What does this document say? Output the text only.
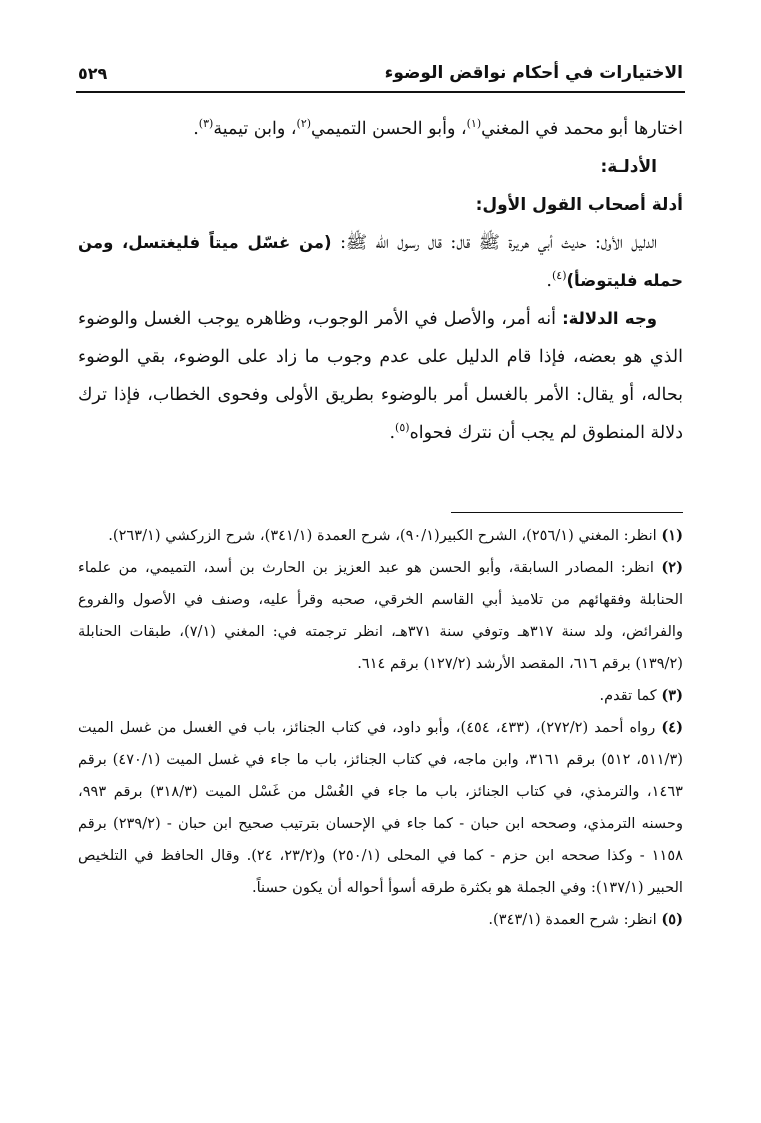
الاختيارات في أحكام نواقض الوضوء
٥٢٩

اختارها أبو محمد في المغني$^{(١)}$، وأبو الحسن التميمي$^{(٢)}$، وابن تيمية$^{(٣)}$.

الأدلـة:

أدلة أصحاب القول الأول:

الدليل الأول: حديث أبي هريرة ﷺ قال: قال رسول الله ﷺ: (من غسّل ميتاً فليغتسل، ومن حمله فليتوضأ)$^{(٤)}$.

وجه الدلالة: أنه أمر، والأصل في الأمر الوجوب، وظاهره يوجب الغسل والوضوء الذي هو بعضه، فإذا قام الدليل على عدم وجوب ما زاد على الوضوء، بقي الوضوء بحاله، أو يقال: الأمر بالغسل أمر بالوضوء بطريق الأولى وفحوى الخطاب، فإذا ترك دلالة المنطوق لم يجب أن نترك فحواه$^{(٥)}$.

(١) انظر: المغني (٢٥٦/١)، الشرح الكبير(٩٠/١)، شرح العمدة (٣٤١/١)، شرح الزركشي (٢٦٣/١).

(٢) انظر: المصادر السابقة، وأبو الحسن هو عبد العزيز بن الحارث بن أسد، التميمي، من علماء الحنابلة وفقهائهم من تلاميذ أبي القاسم الخرقي، صحبه وقرأ عليه، وصنف في الأصول والفروع والفرائض، ولد سنة ٣١٧هـ وتوفي سنة ٣٧١هـ، انظر ترجمته في: المغني (٧/١)، طبقات الحنابلة (١٣٩/٢) برقم ٦١٦، المقصد الأرشد (١٢٧/٢) برقم ٦١٤.

(٣) كما تقدم.

(٤) رواه أحمد (٢٧٢/٢)، (٤٣٣، ٤٥٤)، وأبو داود، في كتاب الجنائز، باب في الغسل من غسل الميت (٥١١/٣، ٥١٢) برقم ٣١٦١، وابن ماجه، في كتاب الجنائز، باب ما جاء في غسل الميت (٤٧٠/١) برقم ١٤٦٣، والترمذي، في كتاب الجنائز، باب ما جاء في الغُسْل من غَسْل الميت (٣١٨/٣) برقم ٩٩٣، وحسنه الترمذي، وصححه ابن حبان - كما جاء في الإحسان بترتيب صحيح ابن حبان - (٢٣٩/٢) برقم ١١٥٨ - وكذا صححه ابن حزم - كما في المحلى (٢٥٠/١) و(٢٣/٢، ٢٤). وقال الحافظ في التلخيص الحبير (١٣٧/١): وفي الجملة هو بكثرة طرقه أسوأ أحواله أن يكون حسناً.

(٥) انظر: شرح العمدة (٣٤٣/١).
